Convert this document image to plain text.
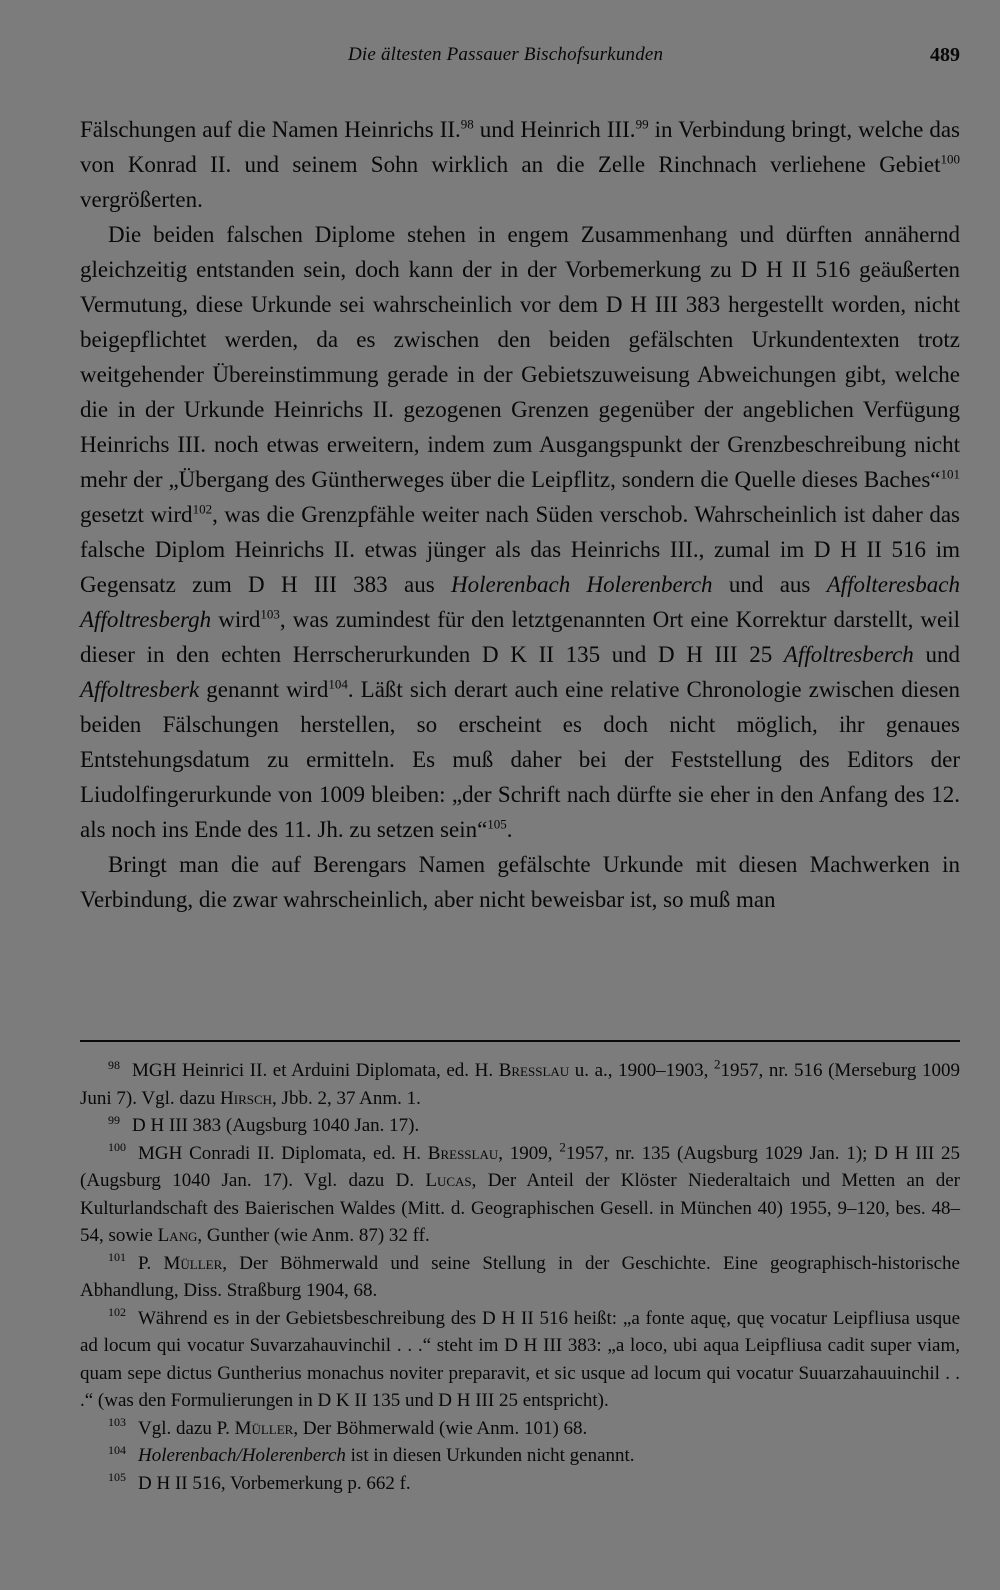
Die ältesten Passauer Bischofsurkunden	489

Fälschungen auf die Namen Heinrichs II.$^{98}$ und Heinrich III.$^{99}$ in Verbindung bringt, welche das von Konrad II. und seinem Sohn wirklich an die Zelle Rinchnach verliehene Gebiet$^{100}$ vergrößerten.

Die beiden falschen Diplome stehen in engem Zusammenhang und dürften annähernd gleichzeitig entstanden sein, doch kann der in der Vorbemerkung zu D H II 516 geäußerten Vermutung, diese Urkunde sei wahrscheinlich vor dem D H III 383 hergestellt worden, nicht beigepflichtet werden, da es zwischen den beiden gefälschten Urkundentexten trotz weitgehender Übereinstimmung gerade in der Gebietszuweisung Abweichungen gibt, welche die in der Urkunde Heinrichs II. gezogenen Grenzen gegenüber der angeblichen Verfügung Heinrichs III. noch etwas erweitern, indem zum Ausgangspunkt der Grenzbeschreibung nicht mehr der „Übergang des Güntherweges über die Leipflitz, sondern die Quelle dieses Baches“$^{101}$ gesetzt wird$^{102}$, was die Grenzpfähle weiter nach Süden verschob. Wahrscheinlich ist daher das falsche Diplom Heinrichs II. etwas jünger als das Heinrichs III., zumal im D H II 516 im Gegensatz zum D H III 383 aus Holerenbach Holerenberch und aus Affolteresbach Affoltresbergh wird$^{103}$, was zumindest für den letztgenannten Ort eine Korrektur darstellt, weil dieser in den echten Herrscherurkunden D K II 135 und D H III 25 Affoltresberch und Affoltresberk genannt wird$^{104}$. Läßt sich derart auch eine relative Chronologie zwischen diesen beiden Fälschungen herstellen, so erscheint es doch nicht möglich, ihr genaues Entstehungsdatum zu ermitteln. Es muß daher bei der Feststellung des Editors der Liudolfingerurkunde von 1009 bleiben: „der Schrift nach dürfte sie eher in den Anfang des 12. als noch ins Ende des 11. Jh. zu setzen sein“$^{105}$.

Bringt man die auf Berengars Namen gefälschte Urkunde mit diesen Machwerken in Verbindung, die zwar wahrscheinlich, aber nicht beweisbar ist, so muß man

$^{98}$ MGH Heinrici II. et Arduini Diplomata, ed. H. Bresslau u. a., 1900–1903, $^2$1957, nr. 516 (Merseburg 1009 Juni 7). Vgl. dazu Hirsch, Jbb. 2, 37 Anm. 1.

$^{99}$ D H III 383 (Augsburg 1040 Jan. 17).

$^{100}$ MGH Conradi II. Diplomata, ed. H. Bresslau, 1909, $^2$1957, nr. 135 (Augsburg 1029 Jan. 1); D H III 25 (Augsburg 1040 Jan. 17). Vgl. dazu D. Lucas, Der Anteil der Klöster Niederaltaich und Metten an der Kulturlandschaft des Baierischen Waldes (Mitt. d. Geographischen Gesell. in München 40) 1955, 9–120, bes. 48–54, sowie Lang, Gunther (wie Anm. 87) 32 ff.

$^{101}$ P. Müller, Der Böhmerwald und seine Stellung in der Geschichte. Eine geographisch-historische Abhandlung, Diss. Straßburg 1904, 68.

$^{102}$ Während es in der Gebietsbeschreibung des D H II 516 heißt: „a fonte aquę, quę vocatur Leipfliusa usque ad locum qui vocatur Suvarzahauvinchil . . .“ steht im D H III 383: „a loco, ubi aqua Leipfliusa cadit super viam, quam sepe dictus Guntherius monachus noviter preparavit, et sic usque ad locum qui vocatur Suuarzahauuinchil . . .“ (was den Formulierungen in D K II 135 und D H III 25 entspricht).

$^{103}$ Vgl. dazu P. Müller, Der Böhmerwald (wie Anm. 101) 68.

$^{104}$ Holerenbach/Holerenberch ist in diesen Urkunden nicht genannt.

$^{105}$ D H II 516, Vorbemerkung p. 662 f.
